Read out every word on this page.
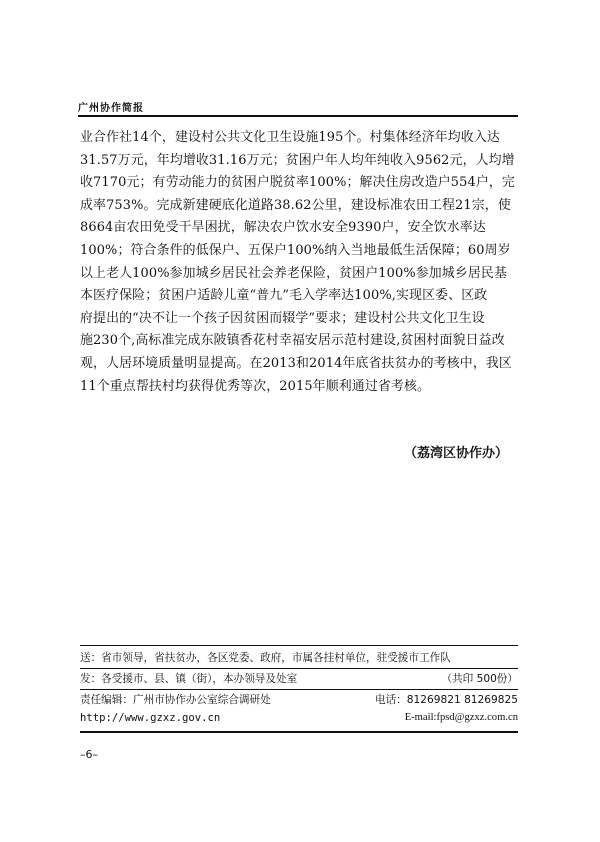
广州协作简报
业合作社14个，建设村公共文化卫生设施195个。村集体经济年均收入达
31.57万元，年均增收31.16万元；贫困户年人均年纯收入9562元，人均增
收7170元；有劳动能力的贫困户脱贫率100%；解决住房改造户554户，完
成率753%。完成新建硬底化道路38.62公里，建设标准农田工程21宗，使
8664亩农田免受干旱困扰，解决农户饮水安全9390户，安全饮水率达
100%；符合条件的低保户、五保户100%纳入当地最低生活保障；60周岁
以上老人100%参加城乡居民社会养老保险，贫困户100%参加城乡居民基
本医疗保险；贫困户适龄儿童“普九”毛入学率达100%,实现区委、区政
府提出的“决不让一个孩子因贫困而辍学”要求；建设村公共文化卫生设
施230个,高标准完成东陂镇香花村幸福安居示范村建设,贫困村面貌日益改
观，人居环境质量明显提高。在2013和2014年底省扶贫办的考核中，我区
11个重点帮扶村均获得优秀等次，2015年顺利通过省考核。
（荔湾区协作办）
送：省市领导，省扶贫办，各区党委、政府，市属各挂村单位，驻受援市工作队
发：各受援市、县、镇（街），本办领导及处室	（共印 500份）
责任编辑：广州市协作办公室综合调研处	电话：81269821 81269825
http://www.gzxz.gov.cn	E-mail:fpsd@gzxz.com.cn
–6–
